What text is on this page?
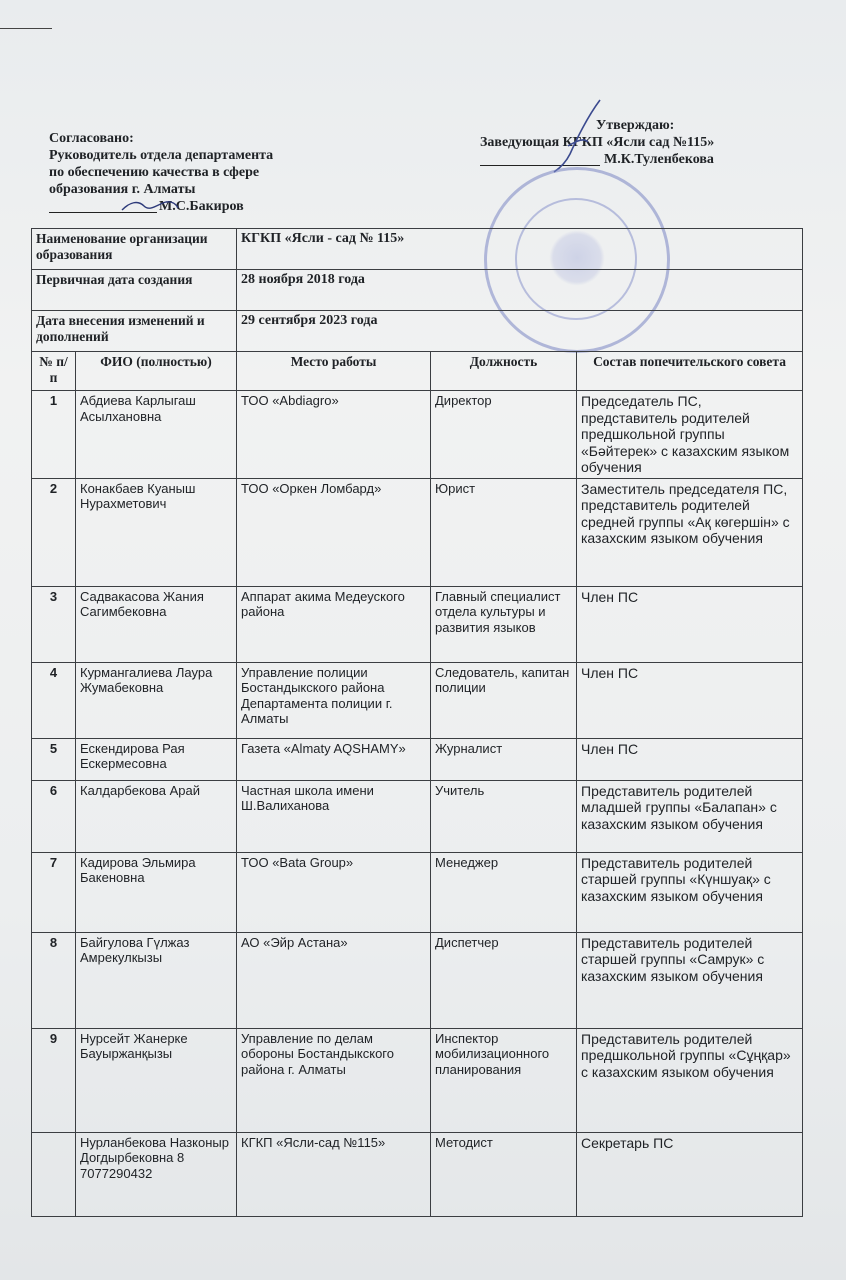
Согласовано:
Руководитель отдела департамента
по обеспечению качества в сфере
образования г. Алматы
М.С.Бакиров
Утверждаю:
Заведующая КГКП «Ясли сад №115»
М.К.Туленбекова
Наименование организации образования		КГКП «Ясли - сад № 115»		
Первичная дата создания		28 ноября 2018 года		
Дата внесения изменений и дополнений		29 сентября 2023 года		
№ п/п	ФИО (полностью)	Место работы	Должность	Состав попечительского совета
1	Абдиева Карлыгаш Асылхановна	ТОО «Abdiagro»	Директор	Председатель ПС, представитель родителей предшкольной группы «Бәйтерек» с казахским языком обучения
2	Конакбаев Куаныш Нурахметович	ТОО «Оркен Ломбард»	Юрист	Заместитель председателя ПС, представитель родителей средней группы «Ақ көгершін» с казахским языком обучения
3	Садвакасова Жания Сагимбековна	Аппарат акима Медеуского района	Главный специалист отдела культуры и развития языков	Член ПС
4	Курмангалиева Лаура Жумабековна	Управление полиции Бостандыкского района Департамента полиции г. Алматы	Следователь, капитан полиции	Член ПС
5	Ескендирова Рая Ескермесовна	Газета «Almaty AQSHAMY»	Журналист	Член ПС
6	Калдарбекова Арай	Частная школа имени Ш.Валиханова	Учитель	Представитель родителей младшей группы «Балапан» с казахским языком обучения
7	Кадирова Эльмира Бакеновна	ТОО «Bata Group»	Менеджер	Представитель родителей старшей группы «Күншуақ» с казахским языком обучения
8	Байгулова Гүлжаз Амрекулкызы	АО «Эйр Астана»	Диспетчер	Представитель родителей старшей группы «Самрук» с казахским языком обучения
9	Нурсейт Жанерке Бауыржанқызы	Управление по делам обороны Бостандыкского района г. Алматы	Инспектор мобилизационного планирования	Представитель родителей предшкольной группы «Сұңқар» с казахским языком обучения
	Нурланбекова Назконыр Догдырбековна 8 7077290432	КГКП «Ясли-сад №115»	Методист	Секретарь ПС
